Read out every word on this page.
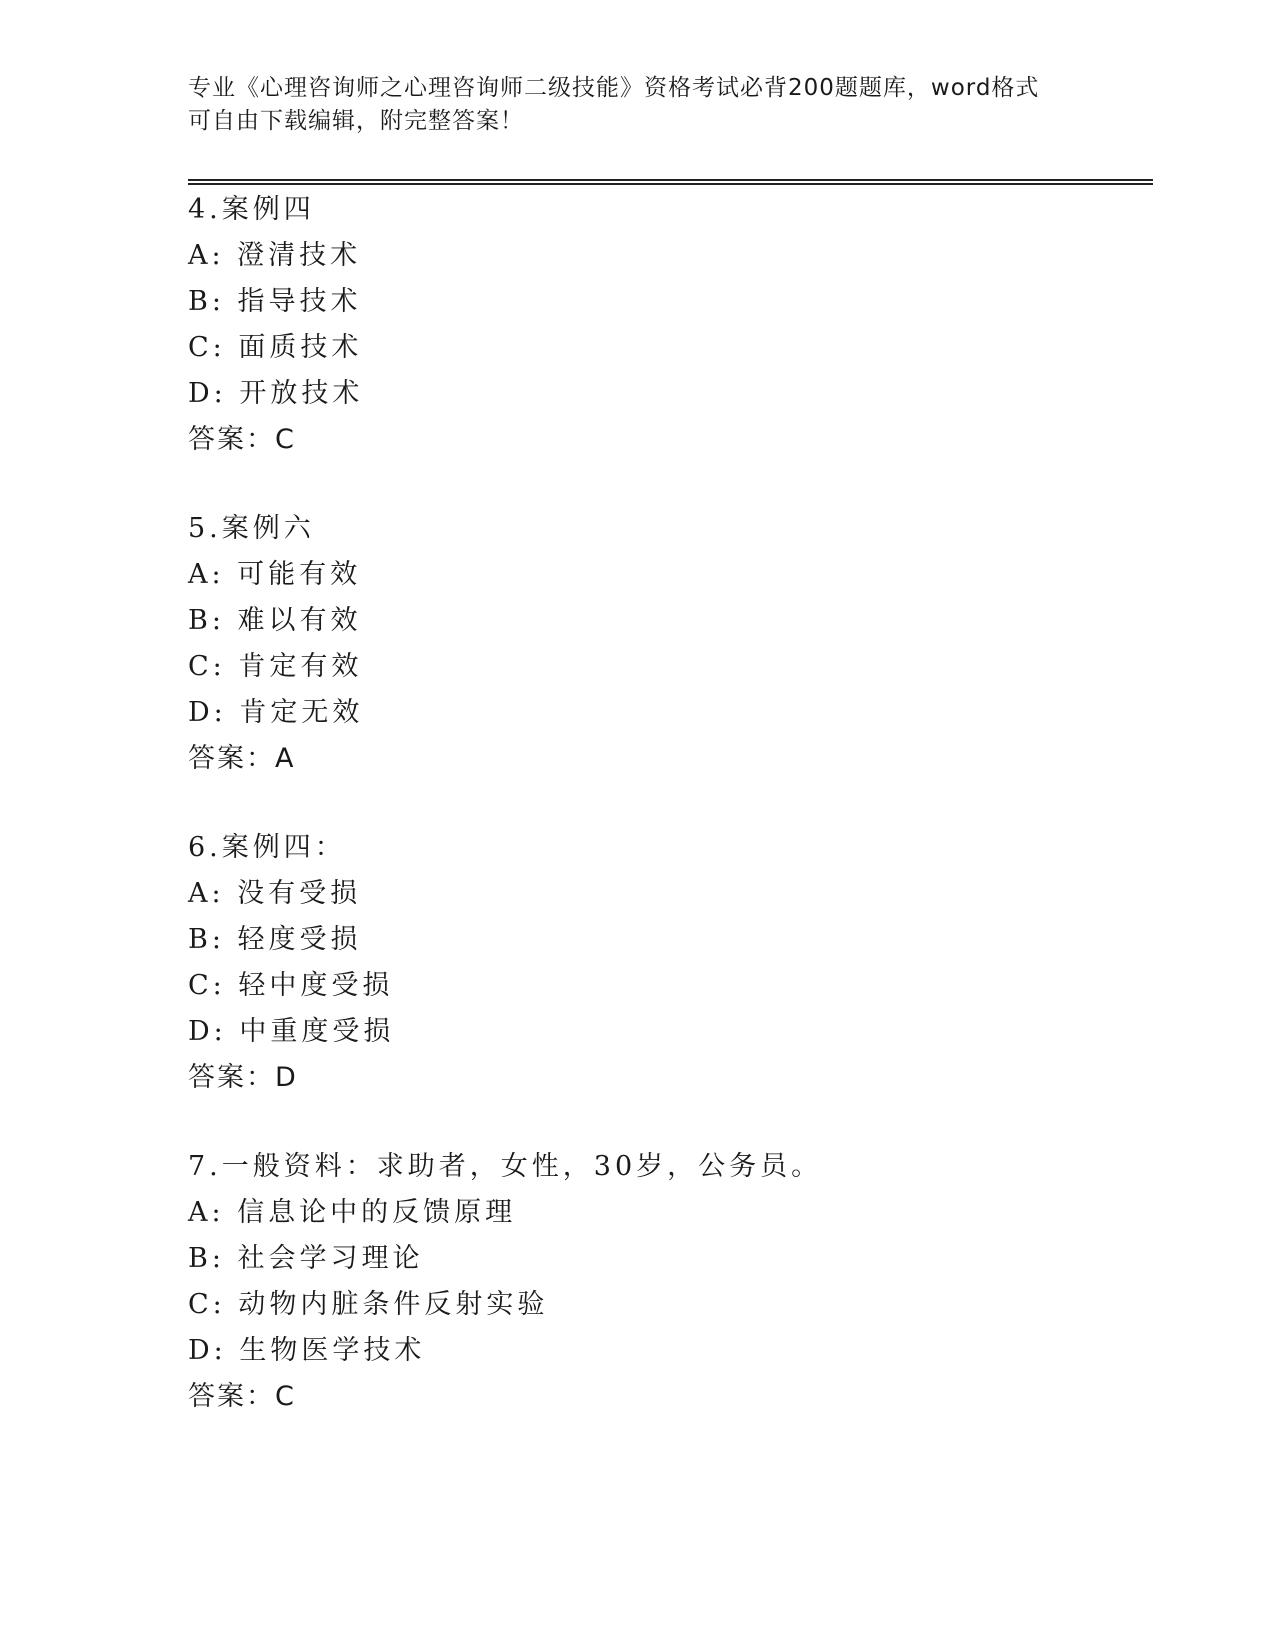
专业《心理咨询师之心理咨询师二级技能》资格考试必背200题题库，word格式
可自由下载编辑，附完整答案！
4.案例四
A: 澄清技术
B: 指导技术
C: 面质技术
D: 开放技术
答案：C
5.案例六
A: 可能有效
B: 难以有效
C: 肯定有效
D: 肯定无效
答案：A
6.案例四：
A: 没有受损
B: 轻度受损
C: 轻中度受损
D: 中重度受损
答案：D
7.一般资料：求助者，女性，30岁，公务员。
A: 信息论中的反馈原理
B: 社会学习理论
C: 动物内脏条件反射实验
D: 生物医学技术
答案：C
